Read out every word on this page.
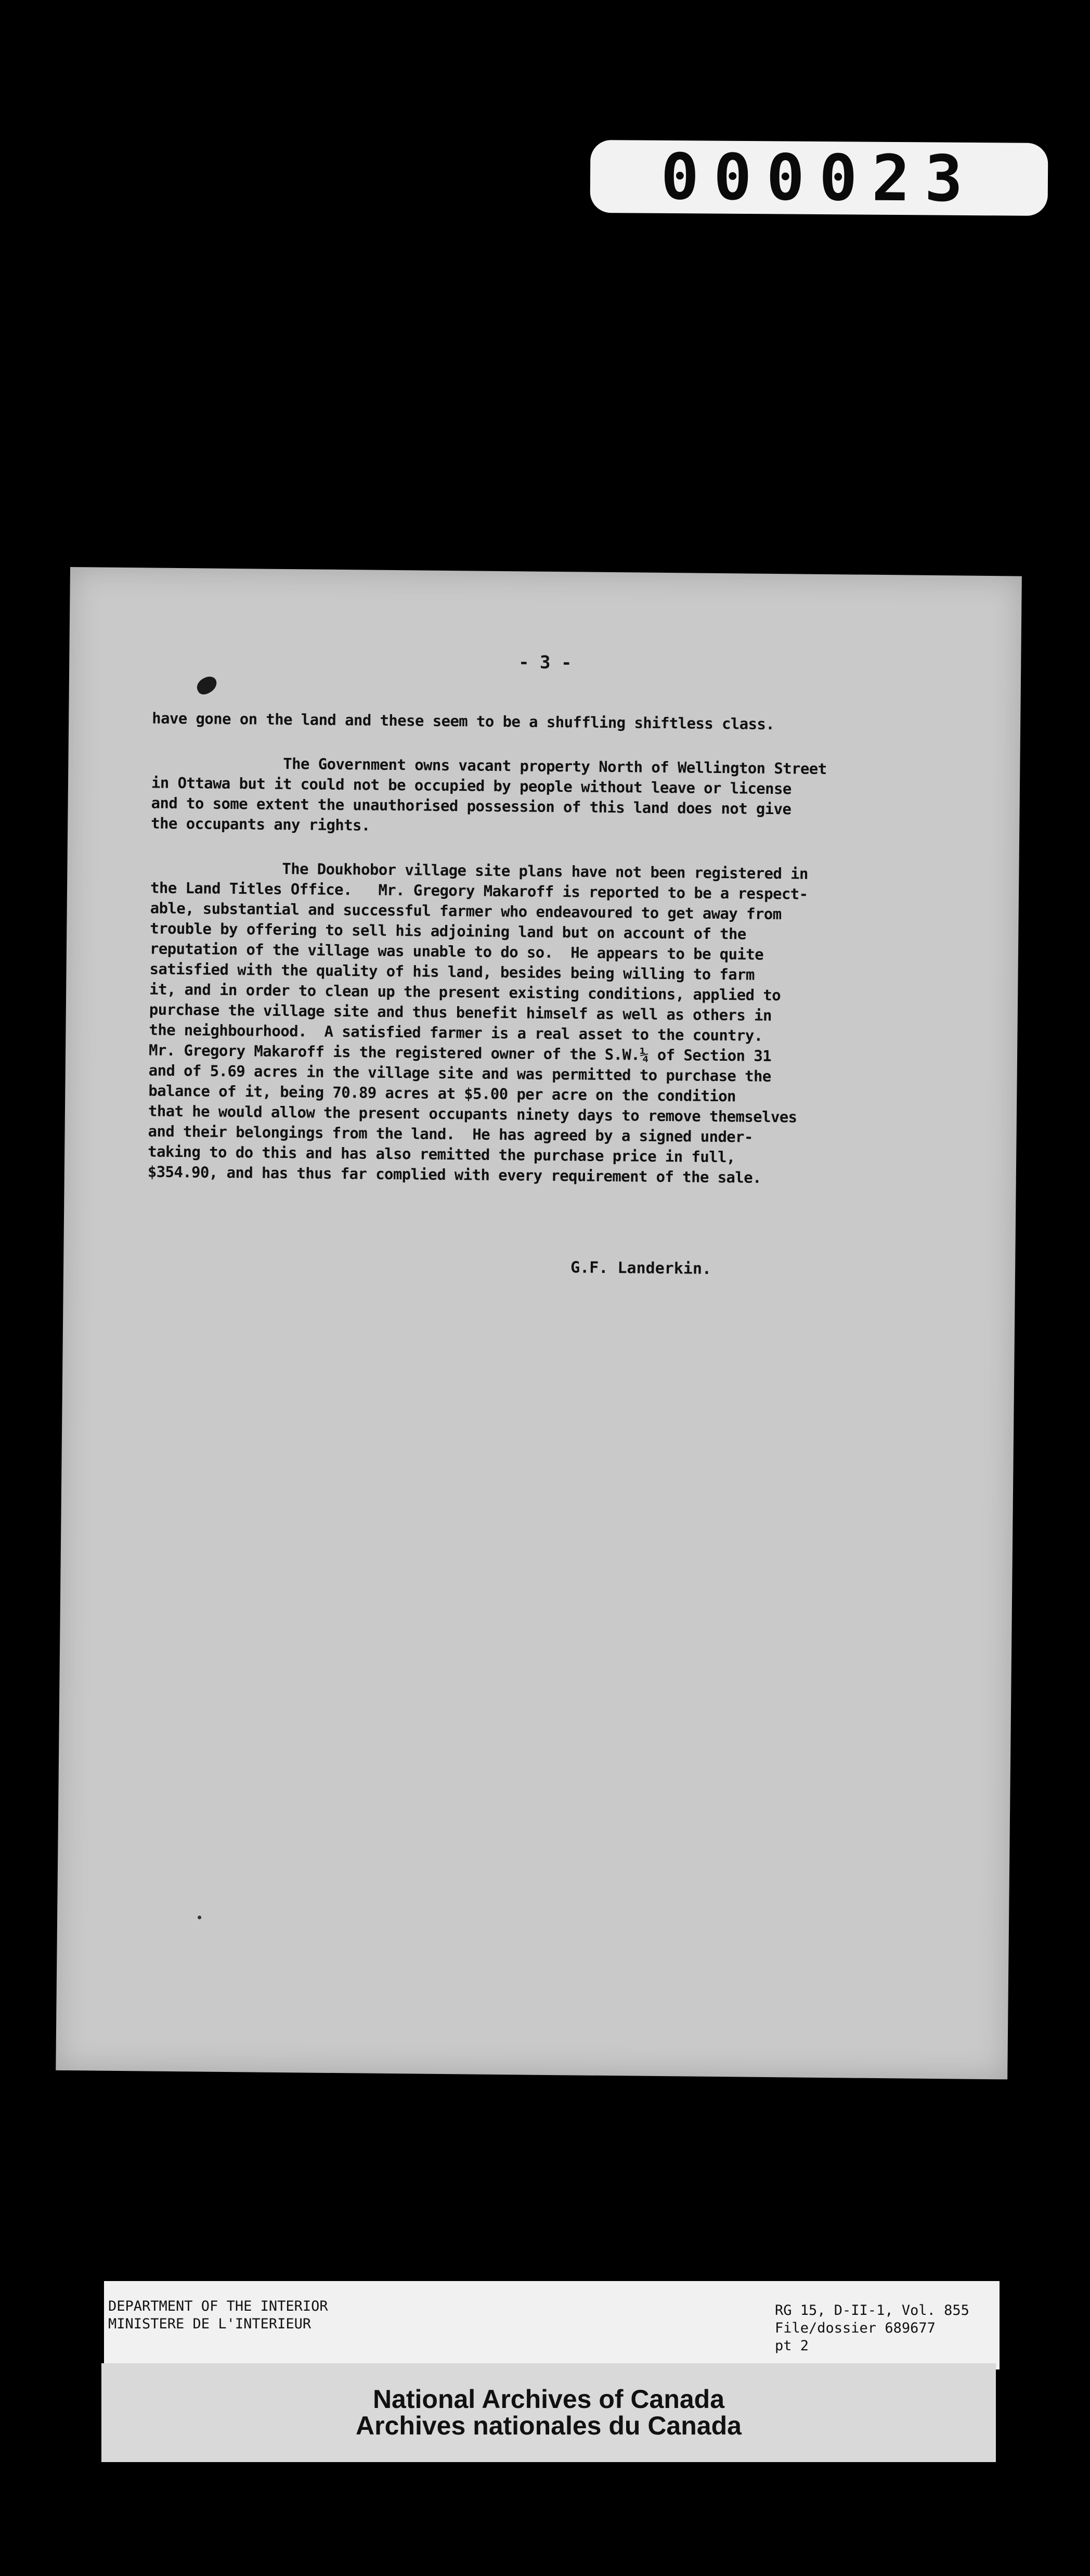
000023
- 3 -

have gone on the land and these seem to be a shuffling shiftless class.

The Government owns vacant property North of Wellington Street
in Ottawa but it could not be occupied by people without leave or license
and to some extent the unauthorised possession of this land does not give
the occupants any rights.

The Doukhobor village site plans have not been registered in
the Land Titles Office.   Mr. Gregory Makaroff is reported to be a respect-
able, substantial and successful farmer who endeavoured to get away from
trouble by offering to sell his adjoining land but on account of the
reputation of the village was unable to do so.  He appears to be quite
satisfied with the quality of his land, besides being willing to farm
it, and in order to clean up the present existing conditions, applied to
purchase the village site and thus benefit himself as well as others in
the neighbourhood.  A satisfied farmer is a real asset to the country.
Mr. Gregory Makaroff is the registered owner of the S.W.¼ of Section 31
and of 5.69 acres in the village site and was permitted to purchase the
balance of it, being 70.89 acres at $5.00 per acre on the condition
that he would allow the present occupants ninety days to remove themselves
and their belongings from the land.  He has agreed by a signed under-
taking to do this and has also remitted the purchase price in full,
$354.90, and has thus far complied with every requirement of the sale.

G.F. Landerkin.
DEPARTMENT OF THE INTERIOR
MINISTERE DE L'INTERIEUR
RG 15, D-II-1, Vol. 855
File/dossier 689677
pt 2
National Archives of Canada
Archives nationales du Canada
